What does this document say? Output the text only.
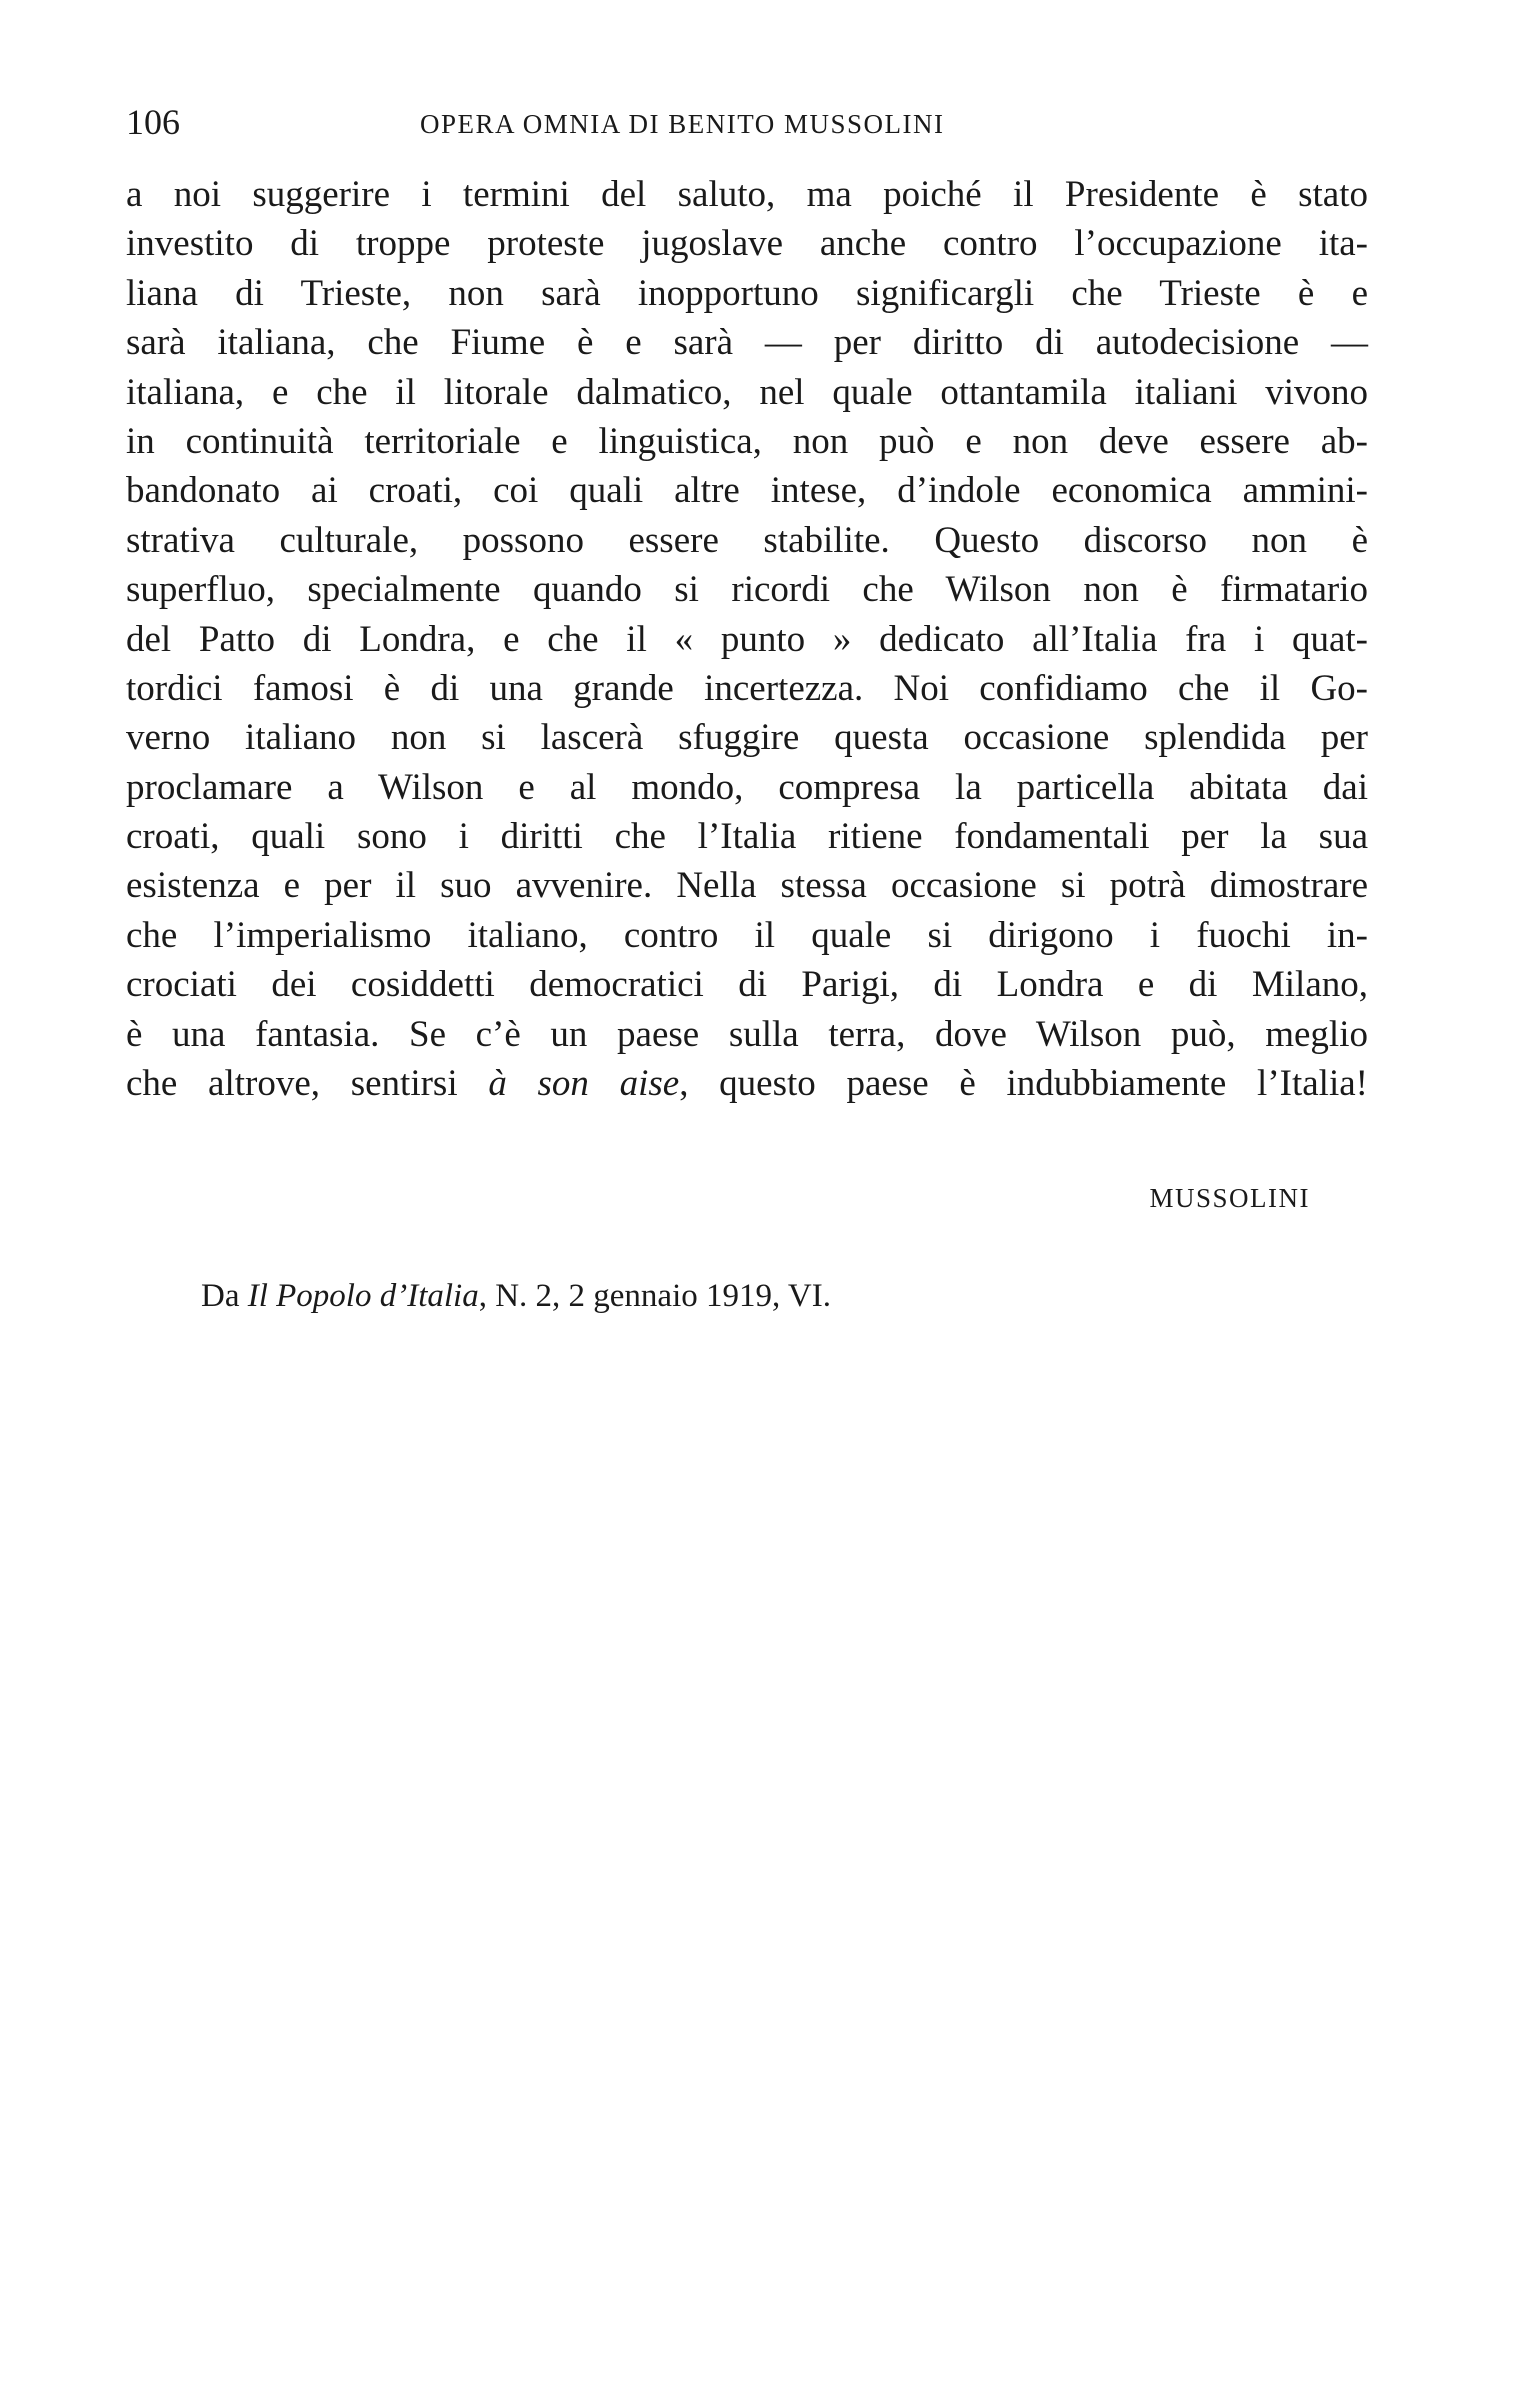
106	OPERA OMNIA DI BENITO MUSSOLINI
a noi suggerire i termini del saluto, ma poiché il Presidente è stato
investito di troppe proteste jugoslave anche contro l’occupazione ita-
liana di Trieste, non sarà inopportuno significargli che Trieste è e
sarà italiana, che Fiume è e sarà — per diritto di autodecisione —
italiana, e che il litorale dalmatico, nel quale ottantamila italiani vivono
in continuità territoriale e linguistica, non può e non deve essere ab-
bandonato ai croati, coi quali altre intese, d’indole economica ammini-
strativa culturale, possono essere stabilite. Questo discorso non è
superfluo, specialmente quando si ricordi che Wilson non è firmatario
del Patto di Londra, e che il « punto » dedicato all’Italia fra i quat-
tordici famosi è di una grande incertezza. Noi confidiamo che il Go-
verno italiano non si lascerà sfuggire questa occasione splendida per
proclamare a Wilson e al mondo, compresa la particella abitata dai
croati, quali sono i diritti che l’Italia ritiene fondamentali per la sua
esistenza e per il suo avvenire. Nella stessa occasione si potrà dimostrare
che l’imperialismo italiano, contro il quale si dirigono i fuochi in-
crociati dei cosiddetti democratici di Parigi, di Londra e di Milano,
è una fantasia. Se c’è un paese sulla terra, dove Wilson può, meglio
che altrove, sentirsi à son aise, questo paese è indubbiamente l’Italia!
MUSSOLINI
Da Il Popolo d’Italia, N. 2, 2 gennaio 1919, VI.
